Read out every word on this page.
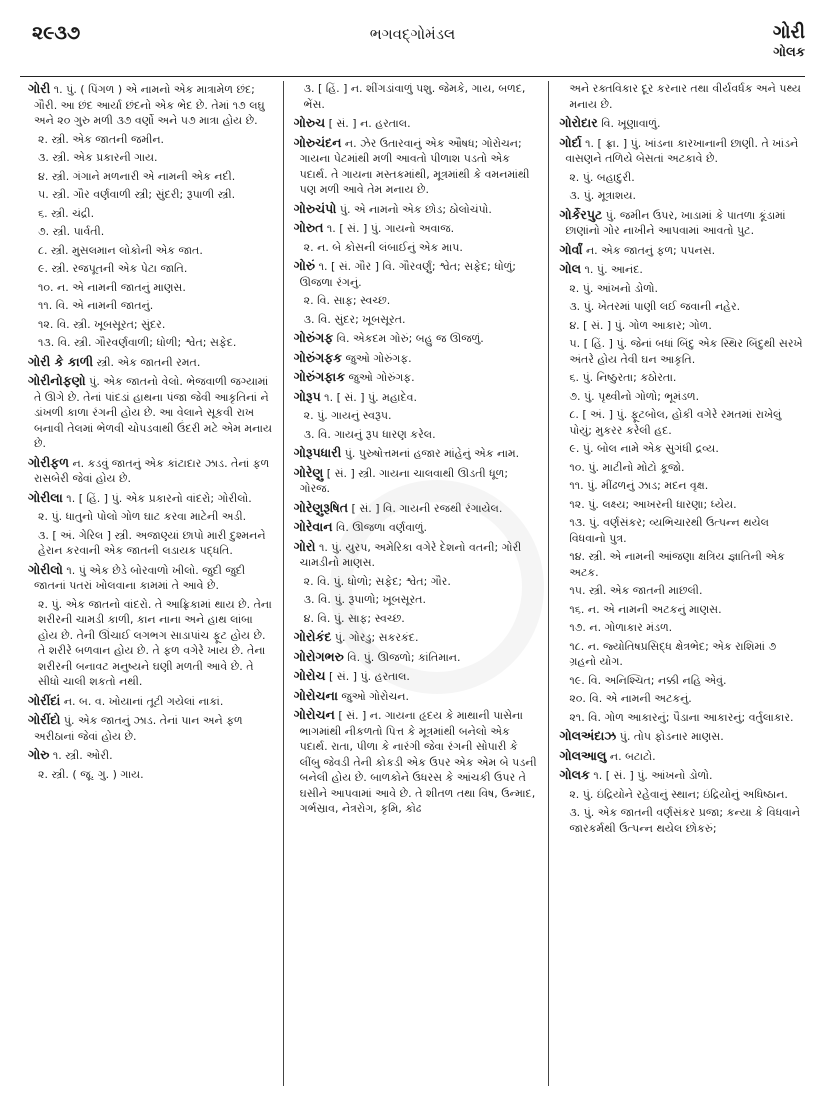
૨૯૩૭	ભગવદ્ગોમંડલ	ગોરી
ગોલક

ગોરી ૧. પું. ( પિંગળ ) એ નામનો એક માત્રામેળ છંદ; ગૌરી. આ છંદ આર્યા છંદનો એક ભેદ છે. તેમાં ૧૭ લઘુ અને ૨૦ ગુરુ મળી ૩૭ વર્ણો અને ૫૭ માત્રા હોય છે.

૨. સ્ત્રી. એક જાતની જમીન.

૩. સ્ત્રી. એક પ્રકારની ગાય.

૪. સ્ત્રી. ગંગાને મળનારી એ નામની એક નદી.

૫. સ્ત્રી. ગૌર વર્ણવાળી સ્ત્રી; સુંદરી; રૂપાળી સ્ત્રી.

૬. સ્ત્રી. ચંદ્રી.

૭. સ્ત્રી. પાર્વતી.

૮. સ્ત્રી. મુસલમાન લોકોની એક જાત.

૯. સ્ત્રી. રજપૂતની એક પેટા જાતિ.

૧૦. ન. એ નામની જાતનું માણસ.

૧૧. વિ. એ નામની જાતનું.

૧૨. વિ. સ્ત્રી. ખૂબસૂરત; સુંદર.

૧૩. વિ. સ્ત્રી. ગૌરવર્ણવાળી; ધોળી; શ્વેત; સફેદ.

ગોરી કે કાળી સ્ત્રી. એક જાતની રમત.

ગોરીનોફણો પું. એક જાતનો વેલો. ભેજવાળી જગ્યામાં તે ઊગે છે. તેનાં પાંદડાં હાથના પંજા જેવી આકૃતિનાં ને ડાંખળી કાળા રંગની હોય છે. આ વેલાને સૂકવી રાખ બનાવી તેલમાં ભેળવી ચોપડવાથી ઉંદરી મટે એમ મનાય છે.

ગોરીફળ ન. કડવું જાતનું એક કાંટાદાર ઝાડ. તેનાં ફળ રાસબેરી જેવાં હોય છે.

ગોરીલા ૧. [ હિં. ] પું. એક પ્રકારનો વાંદરો; ગોરીલો.

૨. પું. ધાતુનો પોલો ગોળ ઘાટ કરવા માટેની અડી.

૩. [ અં. ગેરિલ ] સ્ત્રી. અજાણ્યાં છાપો મારી દુશ્મનને હેરાન કરવાની એક જાતની લડાયક પદ્ધતિ.

ગોરીલો ૧. પું એક છેડે બોરવાળો ખીલો. જુદી જુદી જાતનાં પતરાં ખોલવાના કામમાં તે આવે છે.

૨. પું. એક જાતનો વાંદરો. તે આફ્રિકામાં થાય છે. તેના શરીરની ચામડી કાળી, કાન નાના અને હાથ લાંબા હોય છે. તેની ઊંચાઈ લગભગ સાડાપાંચ ફૂટ હોય છે. તે શરીરે બળવાન હોય છે. તે ફળ વગેરે ખાય છે. તેના શરીરની બનાવટ મનુષ્યને ઘણી મળતી આવે છે. તે સીધો ચાલી શકતો નથી.

ગોરીંદાં ન. બ. વ. ખોયાનાં તૂટી ગયેલાં નાકાં.

ગોરીંદો પું. એક જાતનું ઝાડ. તેનાં પાન અને ફળ અરીઠાનાં જેવાં હોય છે.

ગોરુ ૧. સ્ત્રી. ઓરી.

૨. સ્ત્રી. ( જૂ. ગુ. ) ગાય.

૩. [ હિં. ] ન. શીંગડાંવાળું પશુ. જેમકે, ગાય, બળદ, ભેંસ.

ગોરુચ [ સં. ] ન. હરતાલ.

ગોરુચંદન ન. ઝેર ઉતારવાનું એક ઔષધ; ગોરોચન; ગાયના પેટમાંથી મળી આવતો પીળાશ પડતો એક પદાર્થ. તે ગાયના મસ્તકમાંથી, મૂત્રમાંથી કે વમનમાંથી પણ મળી આવે તેમ મનાય છે.

ગોરુચંપો પું. એ નામનો એક છોડ; ઠોલોચંપો.

ગોરુત ૧. [ સં. ] પું. ગાયનો અવાજ.

૨. ન. બે કોસની લંબાઈનું એક માપ.

ગોરું ૧. [ સં. ગૌર ] વિ. ગૌરવર્ણું; શ્વેત; સફેદ; ધોળું; ઊજળા રંગનું.

૨. વિ. સાફ; સ્વચ્છ.

૩. વિ. સુંદર; ખૂબસૂરત.

ગોરુંગફ વિ. એકદમ ગોરું; બહુ જ ઊજળું.

ગોરુંગફક જુઓ ગોરુંગફ.

ગોરુંગફાક જુઓ ગોરુંગફ.

ગોરૂપ ૧. [ સં. ] પું. મહાદેવ.

૨. પું. ગાયનું સ્વરૂપ.

૩. વિ. ગાયનું રૂપ ધારણ કરેલ.

ગોરૂપધારી પું. પુરુષોત્તમનાં હજાર માંહેનું એક નામ.

ગોરેણુ [ સં. ] સ્ત્રી. ગાયના ચાલવાથી ઊડતી ધૂળ; ગોરજ.

ગોરેણુરૂષિત [ સં. ] વિ. ગાયની રજથી રંગાયેલ.

ગોરેવાન વિ. ઊજળા વર્ણવાળું.

ગોરો ૧. પું. યુરપ, અમેરિકા વગેરે દેશનો વતની; ગોરી ચામડીનો માણસ.

૨. વિ. પું. ધોળો; સફેદ; શ્વેત; ગૌર.

૩. વિ. પું. રૂપાળો; ખૂબસૂરત.

૪. વિ. પું. સાફ; સ્વચ્છ.

ગોરોકંદ પું. ગોરડુ; સકરકંદ.

ગોરોગભરુ વિ. પું. ઊજળો; કાંતિમાન.

ગોરોચ [ સં. ] પું. હરતાલ.

ગોરોચના જુઓ ગોરોચન.

ગોરોચન [ સં. ] ન. ગાયના હૃદય કે માથાની પાસેના ભાગમાંથી નીકળતો પિત્ત કે મૂત્રમાંથી બનેલો એક પદાર્થ. રાતા, પીળા કે નારંગી જેવા રંગની સોપારી કે લીંબુ જેવડી તેની કોકડી એક ઉપર એક એમ બે પડની બનેલી હોય છે. બાળકોને ઉધરસ કે આંચકી ઉપર તે ઘસીને આપવામાં આવે છે. તે શીતળ તથા વિષ, ઉન્માદ, ગર્ભસ્રાવ, નેત્રરોગ, કૃમિ, કોઢ

અને રક્તવિકાર દૂર કરનાર તથા વીર્યવર્ધક અને પથ્ય મનાય છે.

ગોરોદાર વિ. ખૂણાવાળું.

ગોર્દા ૧. [ ફ્રા. ] પું. ખાંડના કારખાનાની છાણી. તે ખાંડને વાસણને તળિયે બેસતાં અટકાવે છે.

૨. પું. બહાદુરી.

૩. પું. મૂત્રાશય.

ગોર્કેરપુટ પું. જમીન ઉપર, ખાડામાં કે પાતળા કૂંડામાં છાણાંનો ગોર નાખીને આપવામાં આવતો પુટ.

ગોર્વાં ન. એક જાતનું ફળ; પપનસ.

ગોલ ૧. પું. આનંદ.

૨. પું. આંખનો ડોળો.

૩. પું. ખેતરમાં પાણી લઈ જવાની નહેર.

૪. [ સં. ] પું. ગોળ આકાર; ગોળ.

૫. [ હિં. ] પું. જેનાં બધાં બિંદુ એક સ્થિર બિંદુથી સરખે અંતરે હોય તેવી ઘન આકૃતિ.

૬. પું. નિષ્ઠુરતા; કઠોરતા.

૭. પું. પૃથ્વીનો ગોળો; ભૂમંડળ.

૮. [ અં. ] પું. ફૂટબોલ, હોકી વગેરે રમતમાં રાખેલું પોયું; મુકરર કરેલી હદ.

૯. પું. બોલ નામે એક સુગંધી દ્રવ્ય.

૧૦. પું. માટીનો મોટો કૂજો.

૧૧. પું. મીંઢળનું ઝાડ; મદન વૃક્ષ.

૧૨. પું. લક્ષ્ય; આખરની ધારણા; ધ્યેય.

૧૩. પું. વર્ણસંકર; વ્યભિચારથી ઉત્પન્ન થયેલ વિધવાનો પુત્ર.

૧૪. સ્ત્રી. એ નામની આંજણા ક્ષત્રિય જ્ઞાતિની એક અટક.

૧૫. સ્ત્રી. એક જાતની માછલી.

૧૬. ન. એ નામની અટકનું માણસ.

૧૭. ન. ગોળાકાર મંડળ.

૧૮. ન. જ્યોતિષપ્રસિદ્ધ ક્ષેત્રભેદ; એક રાશિમાં ૭ ગ્રહનો યોગ.

૧૯. વિ. અનિશ્ચિત; નક્કી નહિ એવું.

૨૦. વિ. એ નામની અટકનું.

૨૧. વિ. ગોળ આકારનું; પૈડાના આકારનું; વર્તુલાકાર.

ગોલઅંદાઝ પું. તોપ ફોડનાર માણસ.

ગોલઆલુ ન. બટાટો.

ગોલક ૧. [ સં. ] પું. આંખનો ડોળો.

૨. પું. ઇંદ્રિયોને રહેવાનું સ્થાન; ઇંદ્રિયોનું અધિષ્ઠાન.

૩. પું. એક જાતની વર્ણસંકર પ્રજા; કન્યા કે વિધવાને જારકર્મથી ઉત્પન્ન થયેલ છોકરું;
